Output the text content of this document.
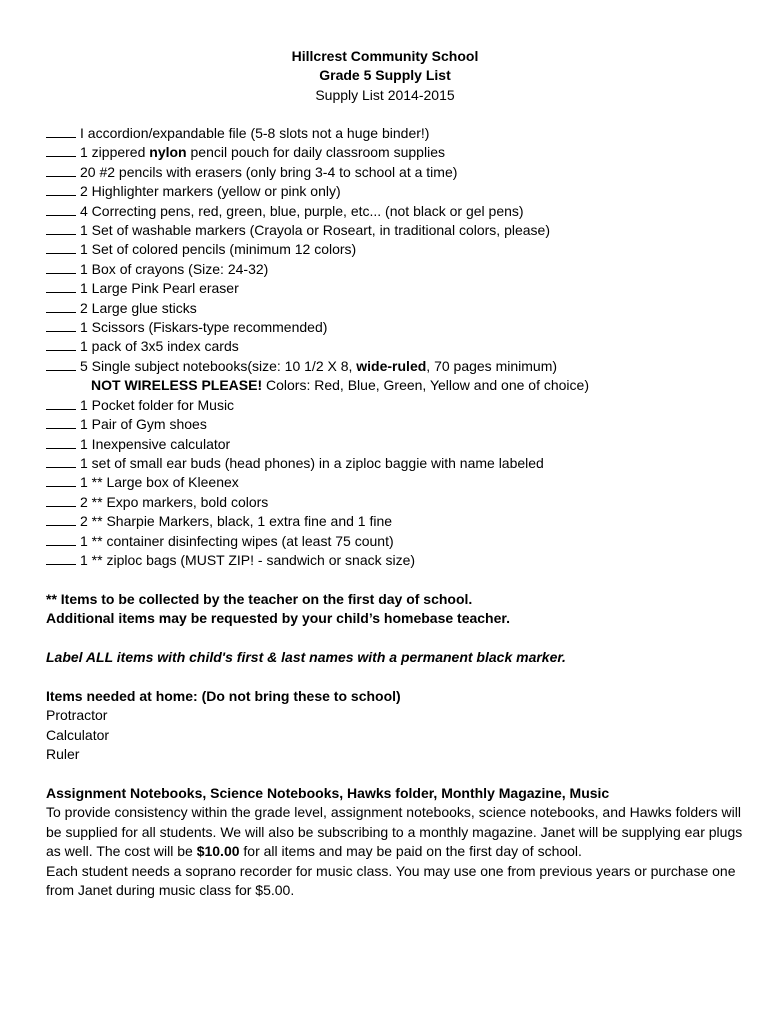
Hillcrest Community School
Grade 5 Supply List
Supply List 2014-2015
I accordion/expandable file (5-8 slots not a huge binder!)
1 zippered nylon pencil pouch for daily classroom supplies
20 #2 pencils with erasers (only bring 3-4 to school at a time)
2 Highlighter markers (yellow or pink only)
4 Correcting pens, red, green, blue, purple, etc... (not black or gel pens)
1 Set of washable markers (Crayola or Roseart, in traditional colors, please)
1 Set of colored pencils (minimum 12 colors)
1 Box of crayons (Size: 24-32)
1 Large Pink Pearl eraser
2 Large glue sticks
1 Scissors (Fiskars-type recommended)
1 pack of 3x5 index cards
5 Single subject notebooks(size: 10 1/2 X 8, wide-ruled, 70 pages minimum)
NOT WIRELESS PLEASE! Colors: Red, Blue, Green, Yellow and one of choice)
1 Pocket folder for Music
1 Pair of Gym shoes
1 Inexpensive calculator
1 set of small ear buds (head phones) in a ziploc baggie with name labeled
1 ** Large box of Kleenex
2 ** Expo markers, bold colors
2 ** Sharpie Markers, black, 1 extra fine and 1 fine
1 ** container disinfecting wipes (at least 75 count)
1 ** ziploc bags (MUST ZIP! - sandwich or snack size)
** Items to be collected by the teacher on the first day of school.
Additional items may be requested by your child’s homebase teacher.
Label ALL items with child's first & last names with a permanent black marker.
Items needed at home: (Do not bring these to school)
Protractor
Calculator
Ruler
Assignment Notebooks, Science Notebooks, Hawks folder, Monthly Magazine, Music
To provide consistency within the grade level, assignment notebooks, science notebooks, and Hawks folders will be supplied for all students. We will also be subscribing to a monthly magazine. Janet will be supplying ear plugs as well. The cost will be $10.00 for all items and may be paid on the first day of school.
Each student needs a soprano recorder for music class. You may use one from previous years or purchase one from Janet during music class for $5.00.
